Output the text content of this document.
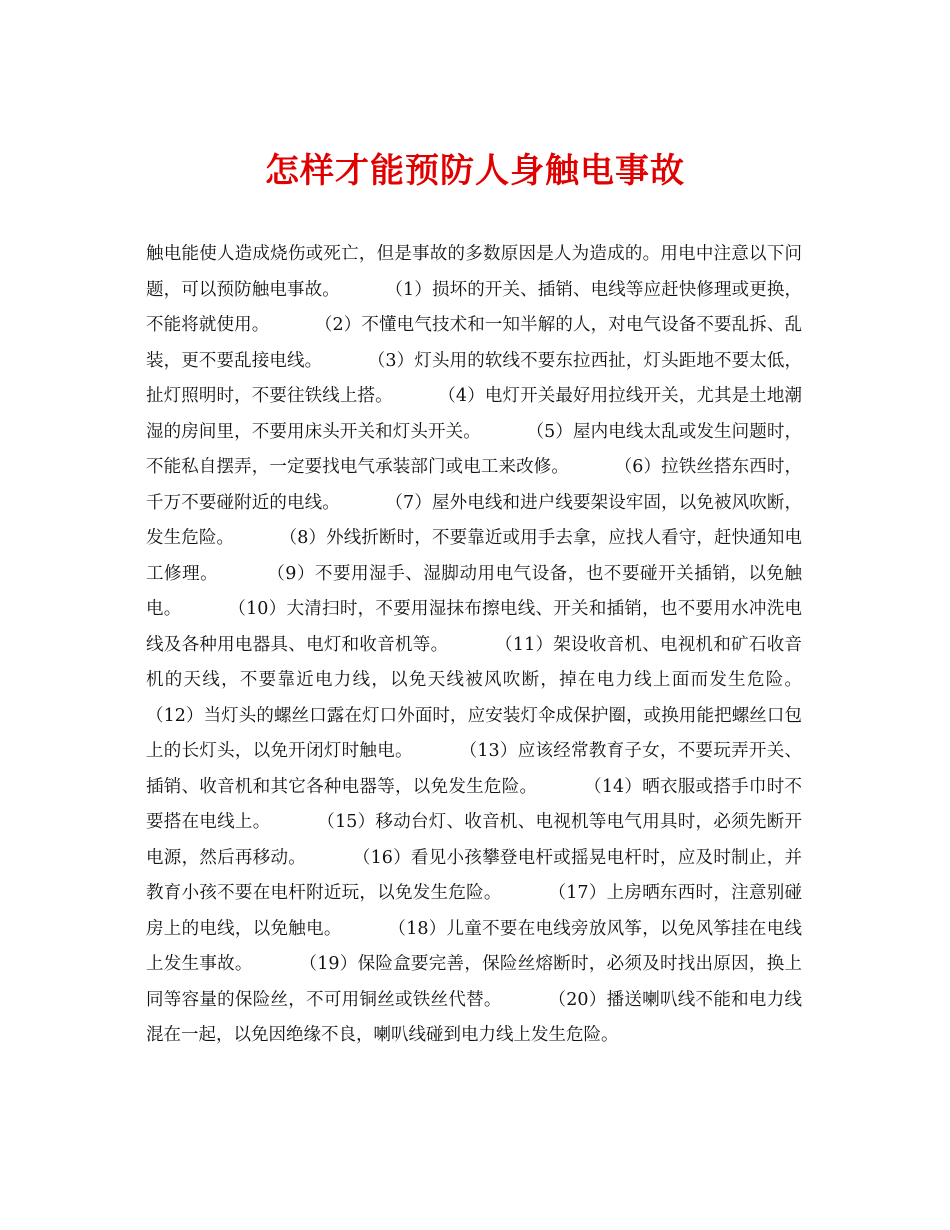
怎样才能预防人身触电事故

触电能使人造成烧伤或死亡，但是事故的多数原因是人为造成的。用电中注意以下问题，可以预防触电事故。        （1）损坏的开关、插销、电线等应赶快修理或更换，不能将就使用。        （2）不懂电气技术和一知半解的人，对电气设备不要乱拆、乱装，更不要乱接电线。        （3）灯头用的软线不要东拉西扯，灯头距地不要太低，扯灯照明时，不要往铁线上搭。        （4）电灯开关最好用拉线开关，尤其是土地潮湿的房间里，不要用床头开关和灯头开关。        （5）屋内电线太乱或发生问题时，不能私自摆弄，一定要找电气承装部门或电工来改修。        （6）拉铁丝搭东西时，千万不要碰附近的电线。        （7）屋外电线和进户线要架设牢固，以免被风吹断，发生危险。        （8）外线折断时，不要靠近或用手去拿，应找人看守，赶快通知电工修理。        （9）不要用湿手、湿脚动用电气设备，也不要碰开关插销，以免触电。        （10）大清扫时，不要用湿抹布擦电线、开关和插销，也不要用水冲洗电线及各种用电器具、电灯和收音机等。        （11）架设收音机、电视机和矿石收音机的天线，不要靠近电力线，以免天线被风吹断，掉在电力线上面而发生危险。        （12）当灯头的螺丝口露在灯口外面时，应安装灯伞成保护圈，或换用能把螺丝口包上的长灯头，以免开闭灯时触电。        （13）应该经常教育子女，不要玩弄开关、插销、收音机和其它各种电器等，以免发生危险。        （14）晒衣服或搭手巾时不要搭在电线上。        （15）移动台灯、收音机、电视机等电气用具时，必须先断开电源，然后再移动。        （16）看见小孩攀登电杆或摇晃电杆时，应及时制止，并教育小孩不要在电杆附近玩，以免发生危险。        （17）上房晒东西时，注意别碰房上的电线，以免触电。        （18）儿童不要在电线旁放风筝，以免风筝挂在电线上发生事故。        （19）保险盒要完善，保险丝熔断时，必须及时找出原因，换上同等容量的保险丝，不可用铜丝或铁丝代替。        （20）播送喇叭线不能和电力线混在一起，以免因绝缘不良，喇叭线碰到电力线上发生危险。
